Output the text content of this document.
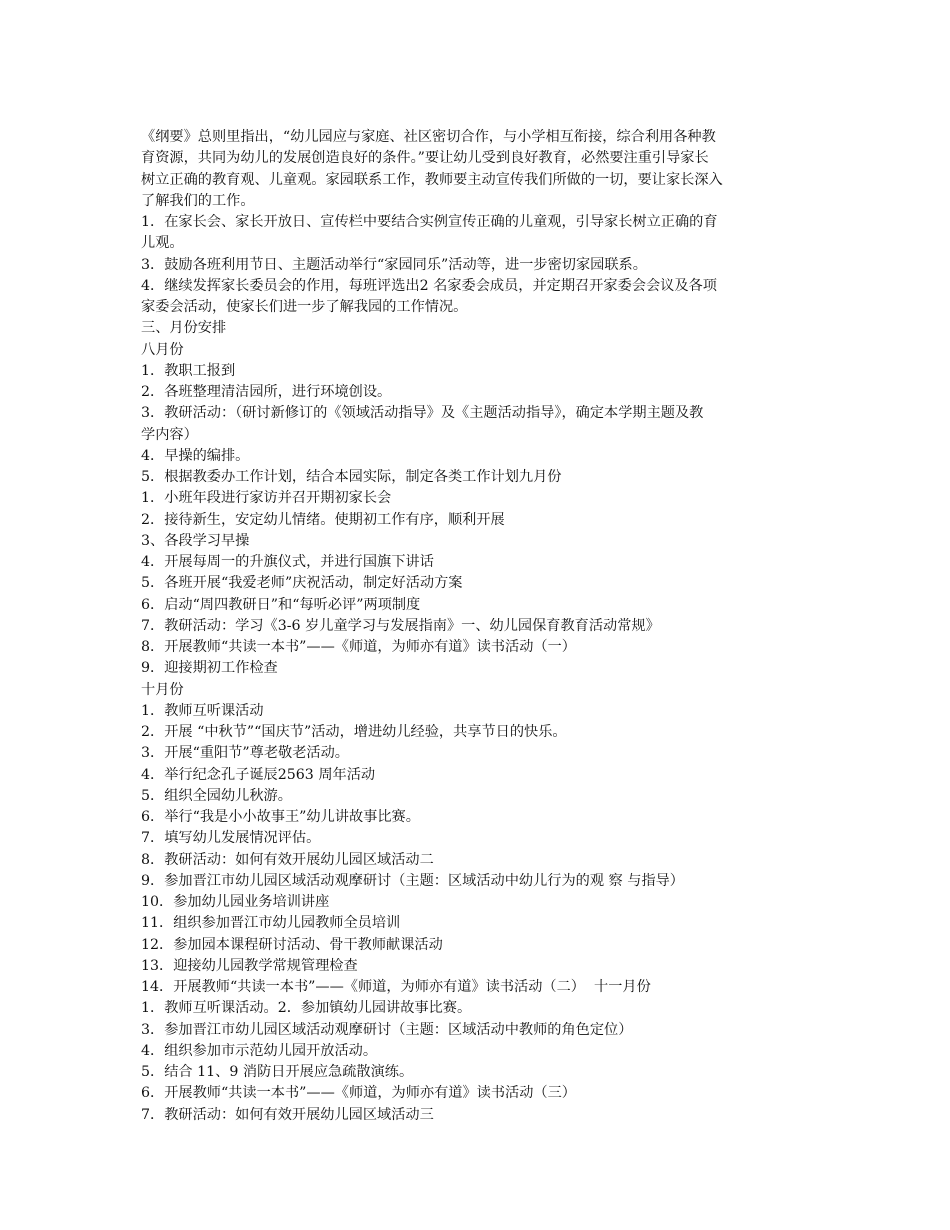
《纲要》总则里指出，“幼儿园应与家庭、社区密切合作，与小学相互衔接，综合利用各种教
育资源，共同为幼儿的发展创造良好的条件。”要让幼儿受到良好教育，必然要注重引导家长
树立正确的教育观、儿童观。家园联系工作，教师要主动宣传我们所做的一切，要让家长深入
了解我们的工作。
1．在家长会、家长开放日、宣传栏中要结合实例宣传正确的儿童观，引导家长树立正确的育
儿观。
3．鼓励各班利用节日、主题活动举行“家园同乐”活动等，进一步密切家园联系。
4．继续发挥家长委员会的作用，每班评选出2 名家委会成员，并定期召开家委会会议及各项
家委会活动，使家长们进一步了解我园的工作情况。
三、月份安排
八月份
1．教职工报到
2．各班整理清洁园所，进行环境创设。
3．教研活动：（研讨新修订的《领域活动指导》及《主题活动指导》，确定本学期主题及教
学内容）
4．早操的编排。
5．根据教委办工作计划，结合本园实际，制定各类工作计划九月份
1．小班年段进行家访并召开期初家长会
2．接待新生，安定幼儿情绪。使期初工作有序，顺利开展
3、各段学习早操
4．开展每周一的升旗仪式，并进行国旗下讲话
5．各班开展“我爱老师”庆祝活动，制定好活动方案
6．启动“周四教研日”和“每听必评”两项制度
7．教研活动：学习《3-6 岁儿童学习与发展指南》一、幼儿园保育教育活动常规》
8．开展教师“共读一本书”——《师道，为师亦有道》读书活动（一）
9．迎接期初工作检查
十月份
1．教师互听课活动
2．开展 “中秋节”“国庆节”活动，增进幼儿经验，共享节日的快乐。
3．开展“重阳节”尊老敬老活动。
4．举行纪念孔子诞辰2563 周年活动
5．组织全园幼儿秋游。
6．举行“我是小小故事王”幼儿讲故事比赛。
7．填写幼儿发展情况评估。
8．教研活动：如何有效开展幼儿园区域活动二
9．参加晋江市幼儿园区域活动观摩研讨（主题：区域活动中幼儿行为的观 察 与指导）
10．参加幼儿园业务培训讲座
11．组织参加晋江市幼儿园教师全员培训
12．参加园本课程研讨活动、骨干教师献课活动
13．迎接幼儿园教学常规管理检查
14．开展教师“共读一本书”——《师道，为师亦有道》读书活动（二）  十一月份
1．教师互听课活动。2．参加镇幼儿园讲故事比赛。
3．参加晋江市幼儿园区域活动观摩研讨（主题：区域活动中教师的角色定位）
4．组织参加市示范幼儿园开放活动。
5．结合 11、9 消防日开展应急疏散演练。
6．开展教师“共读一本书”——《师道，为师亦有道》读书活动（三）
7．教研活动：如何有效开展幼儿园区域活动三
